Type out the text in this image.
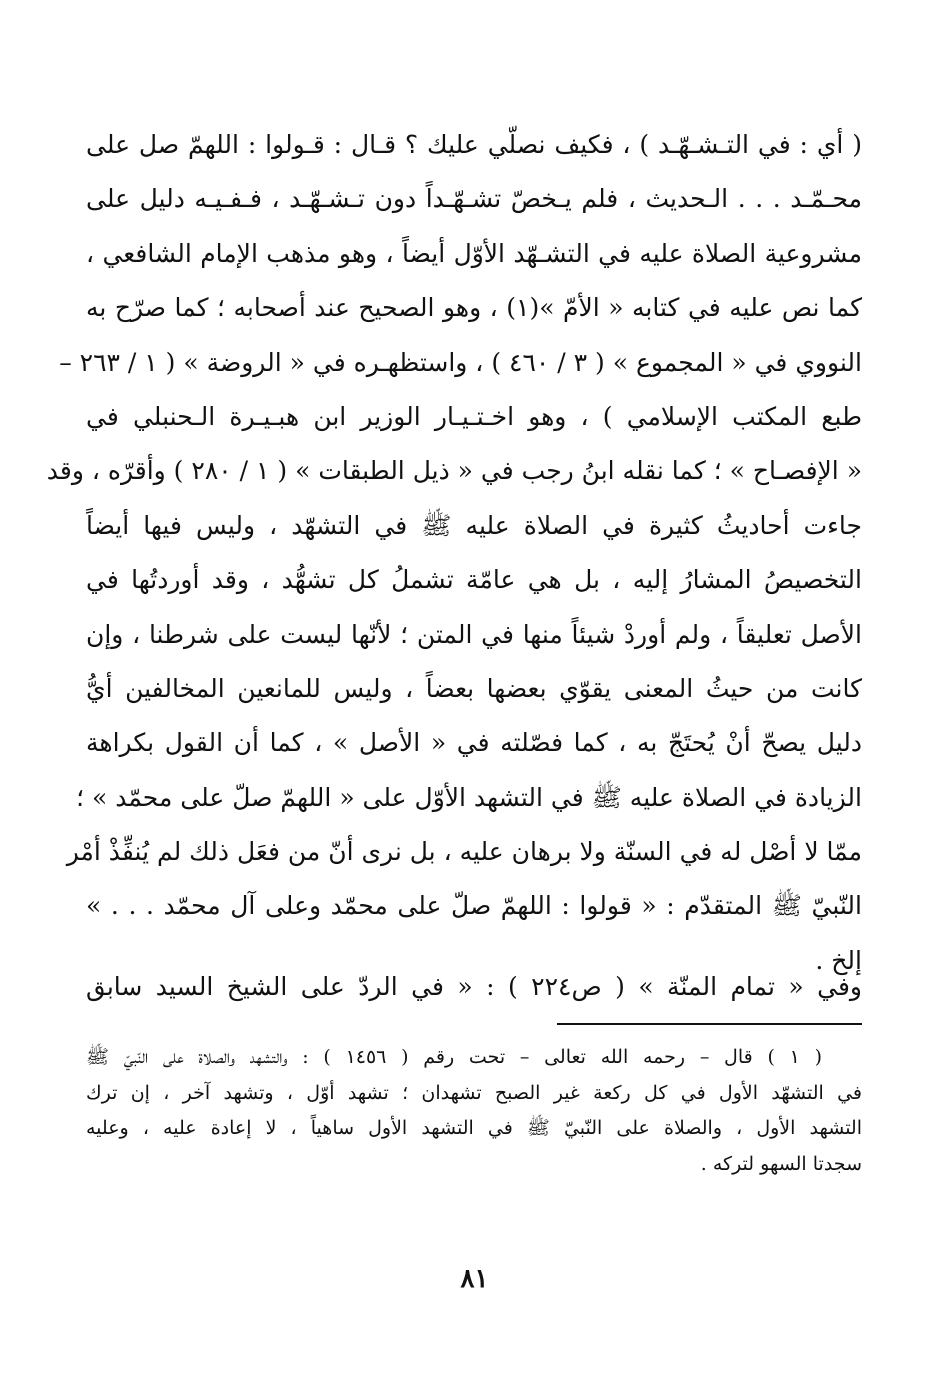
( أي : في التـشـهّـد ) ، فكيف نصلّي عليك ؟ قـال : قـولوا : اللهمّ صل على
محـمّـد . . . الـحديث ، فلم يـخصّ تشـهّـداً دون تـشـهّـد ، فـفـيـه دليل على
مشروعية الصلاة عليه في التشـهّد الأوّل أيضاً ، وهو مذهب الإمام الشافعي ،
كما نص عليه في كتابه « الأمّ »(١) ، وهو الصحيح عند أصحابه ؛ كما صرّح به
النووي في « المجموع » ( ٣ / ٤٦٠ ) ، واستظهـره في « الروضة » ( ١ / ٢٦٣ –
طبع المكتب الإسلامي ) ، وهو اخـتـيـار الوزير ابن هبـيـرة الـحنبلي في
« الإفصـاح » ؛ كما نقله ابنُ رجب في « ذيل الطبقات » ( ١ / ٢٨٠ ) وأقرّه ، وقد
جاءت أحاديثُ كثيرة في الصلاة عليه ﷺ في التشهّد ، وليس فيها أيضاً
التخصيصُ المشارُ إليه ، بل هي عامّة تشملُ كل تشهُّد ، وقد أوردتُها في
الأصل تعليقاً ، ولم أوردْ شيئاً منها في المتن ؛ لأنّها ليست على شرطنا ، وإن
كانت من حيثُ المعنى يقوّي بعضها بعضاً ، وليس للمانعين المخالفين أيُّ
دليل يصحّ أنْ يُحتَجّ به ، كما فصّلته في « الأصل » ، كما أن القول بكراهة
الزيادة في الصلاة عليه ﷺ في التشهد الأوّل على « اللهمّ صلّ على محمّد » ؛
ممّا لا أصْل له في السنّة ولا برهان عليه ، بل نرى أنّ من فعَل ذلك لم يُنفِّذْ أمْر
النّبيّ ﷺ المتقدّم : « قولوا : اللهمّ صلّ على محمّد وعلى آل محمّد . . . »
إلخ .
وفي « تمام المنّة » ( ص٢٢٤ ) : « في الردّ على الشيخ السيد سابق
( ١ ) قال – رحمه الله تعالى – تحت رقم ( ١٤٥٦ ) : والتشهد والصلاة على النّبيّ ﷺ
في التشهّد الأول في كل ركعة غير الصبح تشهدان ؛ تشهد أوّل ، وتشهد آخر ، إن ترك
التشهد الأول ، والصلاة على النّبيّ ﷺ في التشهد الأول ساهياً ، لا إعادة عليه ، وعليه
سجدتا السهو لتركه .
٨١
